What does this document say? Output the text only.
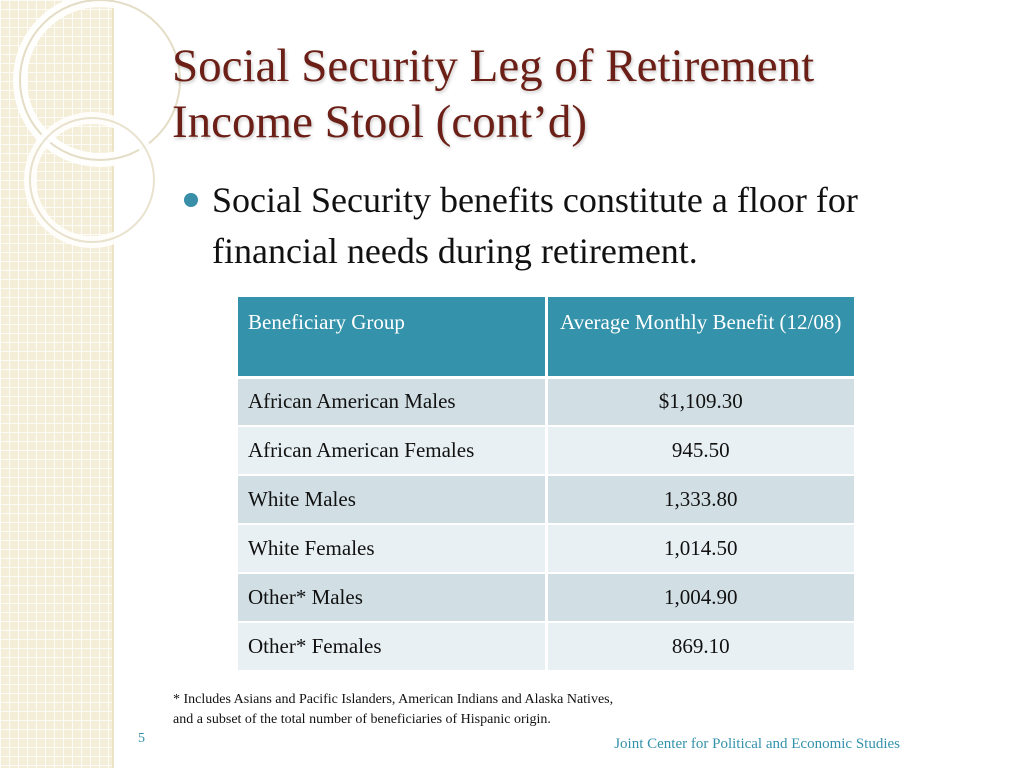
Social Security Leg of Retirement
Income Stool (cont’d)
Social Security benefits constitute a floor for financial needs during retirement.
Beneficiary Group	Average Monthly Benefit (12/08)
African American Males	$1,109.30
African American Females	945.50
White Males	1,333.80
White Females	1,014.50
Other* Males	1,004.90
Other* Females	869.10
* Includes Asians and Pacific Islanders, American Indians and Alaska Natives,
and a subset of the total number of beneficiaries of Hispanic origin.
5	Joint Center for Political and Economic Studies
